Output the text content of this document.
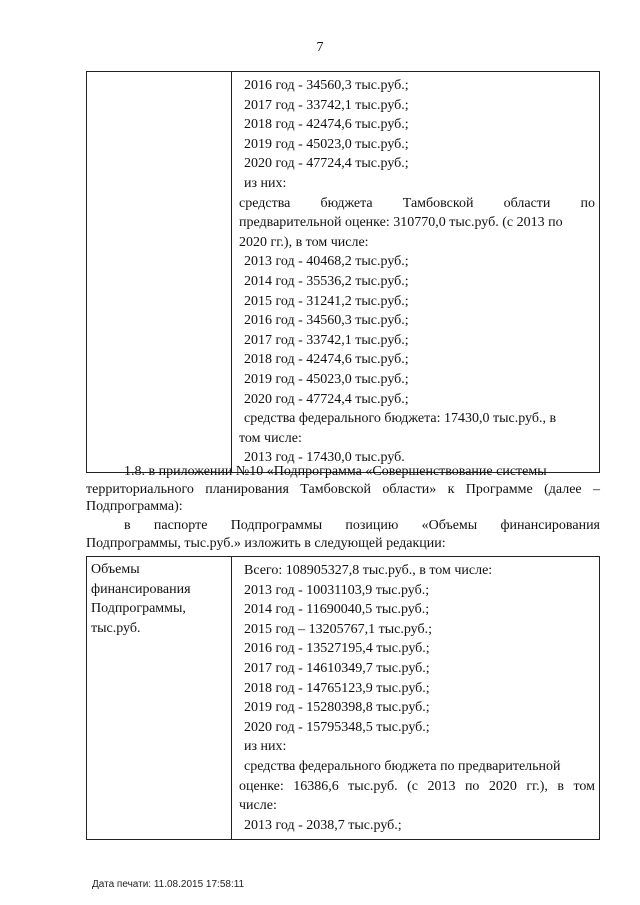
7

2016 год - 34560,3 тыс.руб.;
2017 год - 33742,1 тыс.руб.;
2018 год - 42474,6 тыс.руб.;
2019 год - 45023,0 тыс.руб.;
2020 год - 47724,4 тыс.руб.;
из них:
средства бюджета Тамбовской области по
предварительной оценке: 310770,0 тыс.руб. (с 2013 по
2020 гг.), в том числе:
2013 год - 40468,2 тыс.руб.;
2014 год - 35536,2 тыс.руб.;
2015 год - 31241,2 тыс.руб.;
2016 год - 34560,3 тыс.руб.;
2017 год - 33742,1 тыс.руб.;
2018 год - 42474,6 тыс.руб.;
2019 год - 45023,0 тыс.руб.;
2020 год - 47724,4 тыс.руб.;
средства федерального бюджета: 17430,0 тыс.руб., в
том числе:
2013 год - 17430,0 тыс.руб.
1.8. в приложении №10 «Подпрограмма «Совершенствование системы
территориального планирования Тамбовской области» к Программе (далее –
Подпрограмма):
в паспорте Подпрограммы позицию «Объемы финансирования
Подпрограммы, тыс.руб.» изложить в следующей редакции:
Объемы
финансирования
Подпрограммы,
тыс.руб.

Всего: 108905327,8 тыс.руб., в том числе:
2013 год - 10031103,9 тыс.руб.;
2014 год - 11690040,5 тыс.руб.;
2015 год – 13205767,1 тыс.руб.;
2016 год - 13527195,4 тыс.руб.;
2017 год - 14610349,7 тыс.руб.;
2018 год - 14765123,9 тыс.руб.;
2019 год - 15280398,8 тыс.руб.;
2020 год - 15795348,5 тыс.руб.;
из них:
средства федерального бюджета по предварительной
оценке: 16386,6 тыс.руб. (с 2013 по 2020 гг.), в том
числе:
2013 год - 2038,7 тыс.руб.;
Дата печати: 11.08.2015 17:58:11
